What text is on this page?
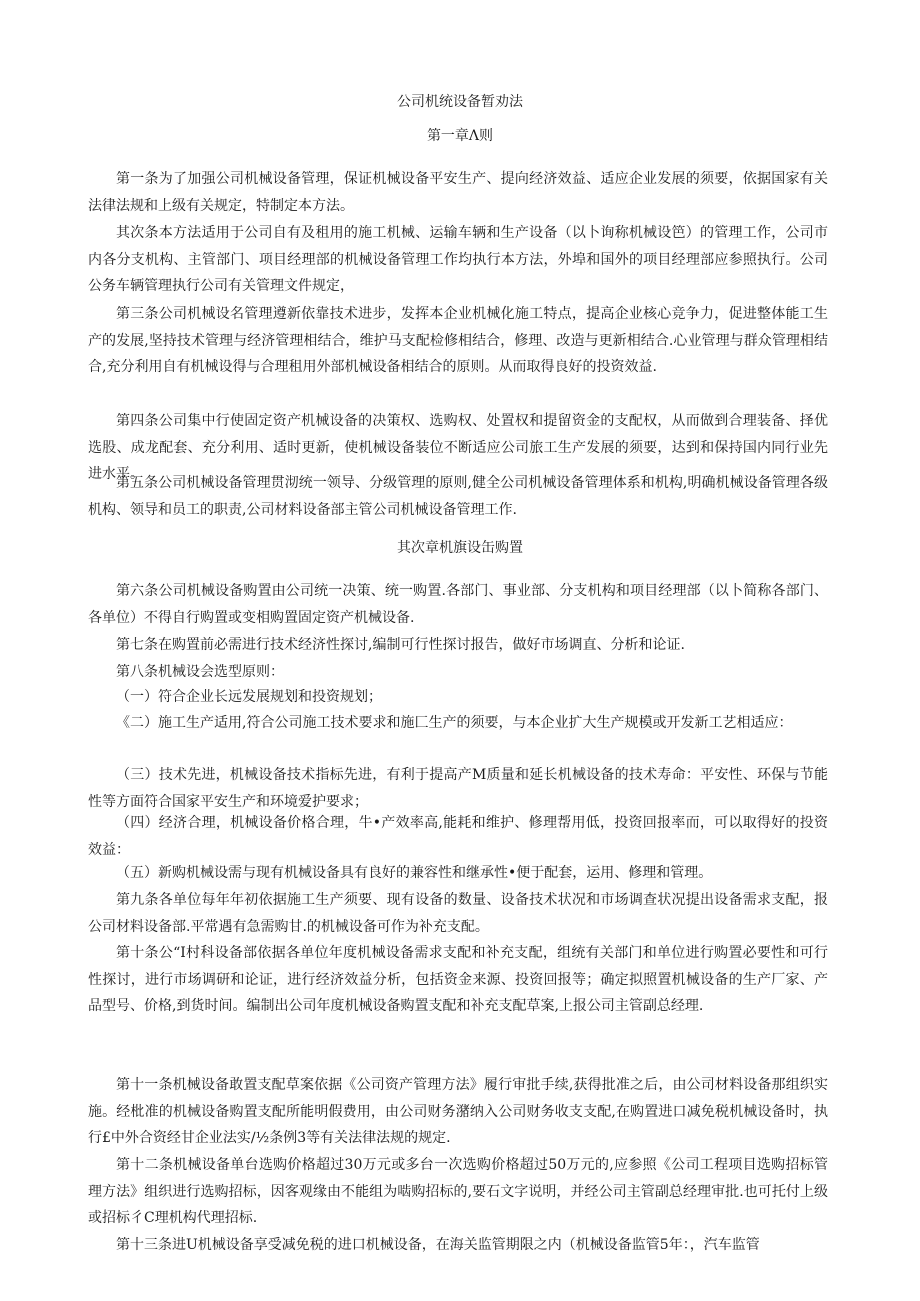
公司机统设备暂劝法
第一章Λ则

第一条为了加强公司机械设备管理，保证机械设备平安生产、提向经济效益、适应企业发展的须要，依据国家有关法律法规和上级有关规定，特制定本方法。

其次条本方法适用于公司自有及租用的施工机械、运输车辆和生产设备（以卜询称机械设笆）的管理工作，公司市内各分支机构、主管部门、项目经理部的机械设备管理工作均执行本方法，外埠和国外的项目经理部应参照执行。公司公务车辆管理执行公司有关管理文件规定，

第三条公司机械设名管理遵新依靠技术进步，发挥本企业机械化施工特点，提高企业核心竞争力，促进整体能工生产的发展,坚持技术管理与经济管理相结合，维护马支配检修相结合，修理、改造与更新相结合.心业管理与群众管理相结合,充分利用自有机械设得与合理租用外部机械设备相结合的原则。从而取得良好的投资效益.

第四条公司集中行使固定资产机械设备的决策权、选购权、处置权和提留资金的支配权，从而做到合理装备、择优选股、成龙配套、充分利用、适时更新，使机械设备装位不断适应公司旅工生产发展的须要，达到和保持国内同行业先进水平。

第五条公司机械设备管理贯沏统一领导、分级管理的原则,健全公司机械设备管理体系和机构,明确机械设备管理各级机构、领导和员工的职责,公司材料设备部主管公司机械设备管理工作.

其次章机旗设缶购置

第六条公司机械设备购置由公司统一决策、统一购置.各部门、事业部、分支机构和项目经理部（以卜简称各部门、各单位）不得自行购置或变相购置固定资产机械设备.

第七条在购置前必需进行技术经济性探讨,编制可行性探讨报告，做好市场调直、分析和论证.

第八条机械设会选型原则：

（一）符合企业长远发展规划和投资规划；

《二）施工生产适用,符合公司施工技术要求和施匚生产的须要，与本企业扩大生产规模或开发新工艺相适应：

（三）技术先进，机械设备技术指标先进，有利于提高产M质量和延长机械设备的技术寿命：平安性、环保与节能性等方面符合国家平安生产和环境爱护要求；

（四）经济合理，机械设备价格合理，牛•产效率高,能耗和维护、修理帮用低，投资回报率而，可以取得好的投资效益：

（五）新购机械设需与现有机械设备具有良好的兼容性和继承性•便于配套，运用、修理和管理。

第九条各单位每年年初依据施工生产须要、现有设备的数量、设备技术状况和市场调查状况提出设备需求支配，报公司材料设备部.平常遇有急需购甘.的机械设备可作为补充支配。

第十条公“Ι村科设备部依据各单位年度机械设备需求支配和补充支配，组统有关部门和单位进行购置必要性和可行性探讨，进行市场调研和论证，进行经济效益分析，包括资金来源、投资回报等；确定拟照置机械设备的生产厂家、产品型号、价格,到货时间。编制出公司年度机械设备购置支配和补充支配草案,上报公司主管副总经理.

第十一条机械设备敢置支配草案依据《公司资产管理方法》履行审批手续,获得批准之后，由公司材料设备那组织实施。经枇准的机械设备购置支配所能明假费用，由公司财务潴纳入公司财务收支支配,在购置进口减免税机械设备时，执行£中外合资经甘企业法实∕½条例3等有关法律法规的规定.

第十二条机械设备单台选购价格超过30万元或多台一次选购价格超过50万元的,应参照《公司工程项目选购招标管理方法》组织进行选购招标，因客观缘由不能组为啮购招标的,要石文字说明，并经公司主管副总经理审批.也可托付上级或招标彳C理机构代理招标.

第十三条进U机械设备享受减免税的进口机械设备，在海关监管期限之内（机械设备监管5年：，汽车监管
